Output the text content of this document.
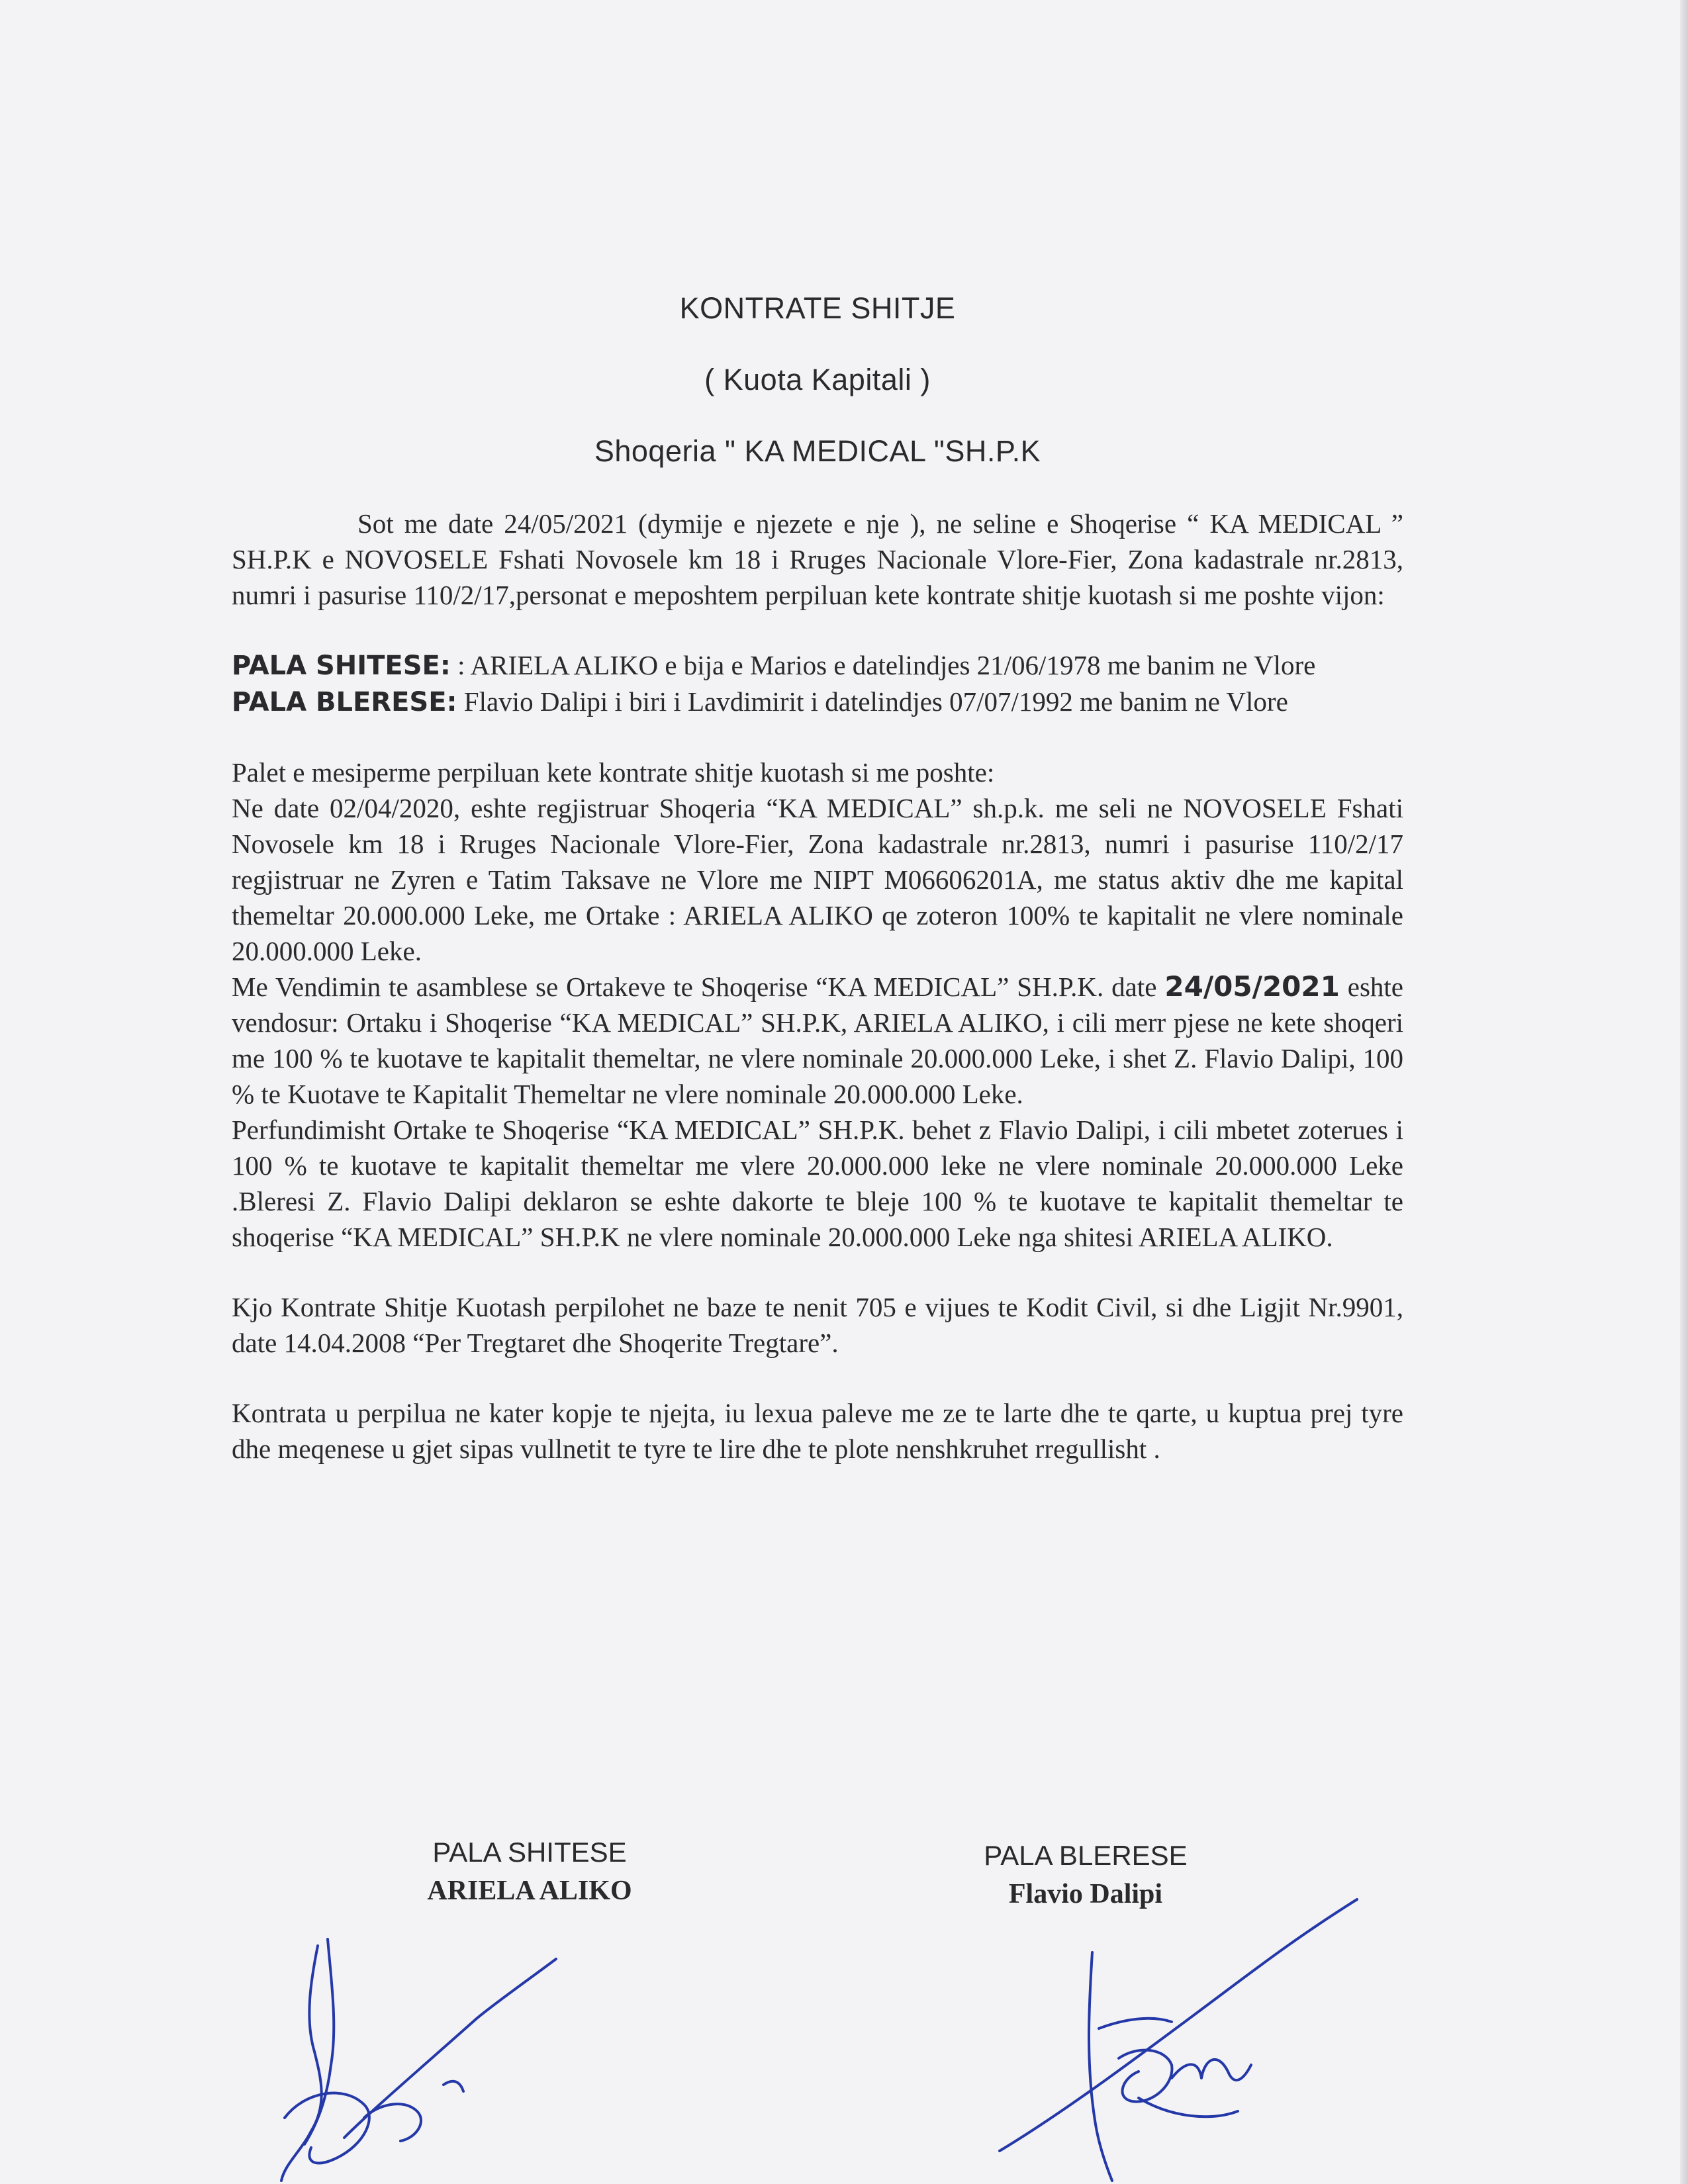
KONTRATE SHITJE
( Kuota Kapitali )
Shoqeria " KA MEDICAL "SH.P.K

Sot me date 24/05/2021 (dymije e njezete e nje ), ne seline e Shoqerise “ KA MEDICAL ” SH.P.K e NOVOSELE Fshati Novosele km 18 i Rruges Nacionale Vlore-Fier, Zona kadastrale nr.2813, numri i pasurise 110/2/17,personat e meposhtem perpiluan kete kontrate shitje kuotash si me poshte vijon:

PALA SHITESE: : ARIELA ALIKO e bija e Marios e datelindjes 21/06/1978 me banim ne Vlore

PALA BLERESE: Flavio Dalipi i biri i Lavdimirit i datelindjes 07/07/1992 me banim ne Vlore

Palet e mesiperme perpiluan kete kontrate shitje kuotash si me poshte:

Ne date 02/04/2020, eshte regjistruar Shoqeria “KA MEDICAL” sh.p.k. me seli ne NOVOSELE Fshati Novosele km 18 i Rruges Nacionale Vlore-Fier, Zona kadastrale nr.2813, numri i pasurise 110/2/17 regjistruar ne Zyren e Tatim Taksave ne Vlore me NIPT M06606201A, me status aktiv dhe me kapital themeltar 20.000.000 Leke, me Ortake : ARIELA ALIKO qe zoteron 100% te kapitalit ne vlere nominale 20.000.000 Leke.

Me Vendimin te asamblese se Ortakeve te Shoqerise “KA MEDICAL” SH.P.K. date 24/05/2021 eshte vendosur: Ortaku i Shoqerise “KA MEDICAL” SH.P.K, ARIELA ALIKO, i cili merr pjese ne kete shoqeri me 100 % te kuotave te kapitalit themeltar, ne vlere nominale 20.000.000 Leke, i shet Z. Flavio Dalipi, 100 % te Kuotave te Kapitalit Themeltar ne vlere nominale 20.000.000 Leke.

Perfundimisht Ortake te Shoqerise “KA MEDICAL” SH.P.K. behet z Flavio Dalipi, i cili mbetet zoterues i 100 % te kuotave te kapitalit themeltar me vlere 20.000.000 leke ne vlere nominale 20.000.000 Leke .Bleresi Z. Flavio Dalipi deklaron se eshte dakorte te bleje 100 % te kuotave te kapitalit themeltar te shoqerise “KA MEDICAL” SH.P.K ne vlere nominale 20.000.000 Leke nga shitesi ARIELA ALIKO.

Kjo Kontrate Shitje Kuotash perpilohet ne baze te nenit 705 e vijues te Kodit Civil, si dhe Ligjit Nr.9901, date 14.04.2008 “Per Tregtaret dhe Shoqerite Tregtare”.

Kontrata u perpilua ne kater kopje te njejta, iu lexua paleve me ze te larte dhe te qarte, u kuptua prej tyre dhe meqenese u gjet sipas vullnetit te tyre te lire dhe te plote nenshkruhet rregullisht .

PALA SHITESE
ARIELA ALIKO
PALA BLERESE
Flavio Dalipi
